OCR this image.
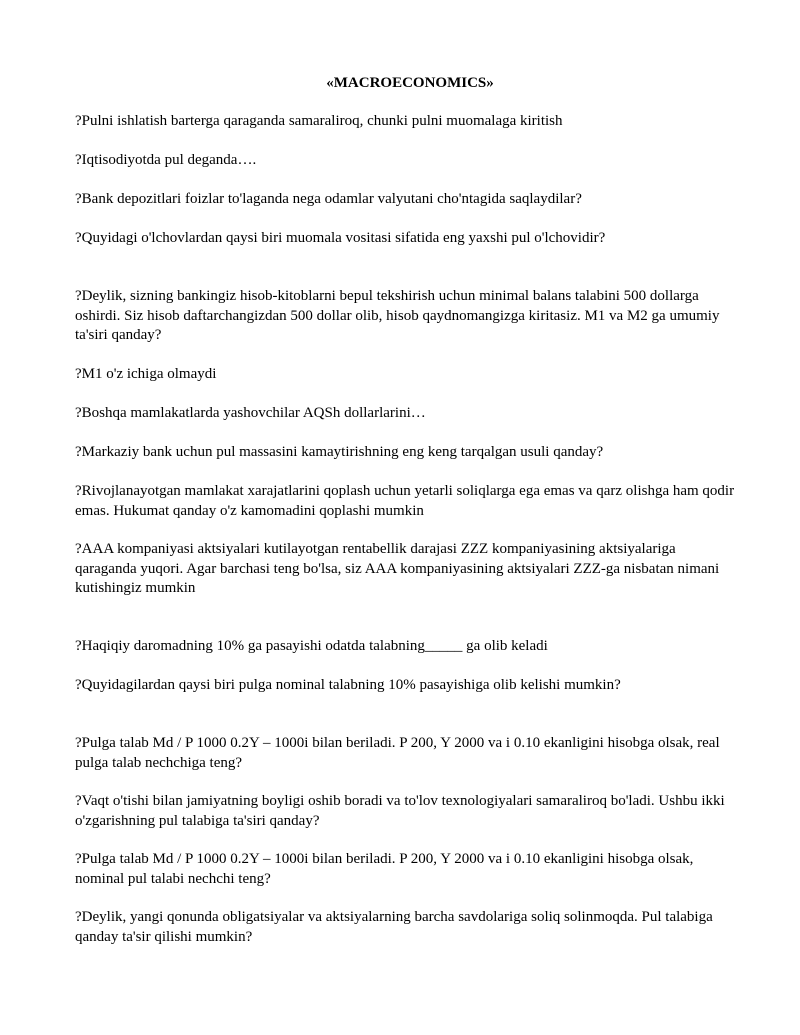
«MACROECONOMICS»

?Pulni ishlatish barterga qaraganda samaraliroq, chunki pulni muomalaga kiritish

?Iqtisodiyotda pul deganda….

?Bank depozitlari foizlar to'laganda nega odamlar valyutani cho'ntagida saqlaydilar?

?Quyidagi o'lchovlardan qaysi biri muomala vositasi sifatida eng yaxshi pul o'lchovidir?

?Deylik, sizning bankingiz hisob-kitoblarni bepul tekshirish uchun minimal balans talabini 500 dollarga oshirdi. Siz hisob daftarchangizdan 500 dollar olib, hisob qaydnomangizga kiritasiz. M1 va M2 ga umumiy ta'siri qanday?

?M1 o'z ichiga olmaydi

?Boshqa mamlakatlarda yashovchilar AQSh dollarlarini…

?Markaziy bank uchun pul massasini kamaytirishning eng keng tarqalgan usuli qanday?

?Rivojlanayotgan mamlakat xarajatlarini qoplash uchun yetarli soliqlarga ega emas va qarz olishga ham qodir emas. Hukumat qanday o'z kamomadini qoplashi mumkin

?AAA kompaniyasi aktsiyalari kutilayotgan rentabellik darajasi ZZZ kompaniyasining aktsiyalariga qaraganda yuqori. Agar barchasi teng bo'lsa, siz AAA kompaniyasining aktsiyalari ZZZ-ga nisbatan nimani kutishingiz mumkin

?Haqiqiy daromadning 10% ga pasayishi odatda talabning_____ ga olib keladi

?Quyidagilardan qaysi biri pulga nominal talabning 10% pasayishiga olib kelishi mumkin?

?Pulga talab Md / P 1000 0.2Y – 1000i bilan beriladi. P 200, Y 2000 va i 0.10 ekanligini hisobga olsak, real pulga talab nechchiga teng?

?Vaqt o'tishi bilan jamiyatning boyligi oshib boradi va to'lov texnologiyalari samaraliroq bo'ladi. Ushbu ikki o'zgarishning pul talabiga ta'siri qanday?

?Pulga talab Md / P 1000 0.2Y – 1000i bilan beriladi. P 200, Y 2000 va i 0.10 ekanligini hisobga olsak, nominal pul talabi nechchi teng?

?Deylik, yangi qonunda obligatsiyalar va aktsiyalarning barcha savdolariga soliq solinmoqda. Pul talabiga qanday ta'sir qilishi mumkin?
